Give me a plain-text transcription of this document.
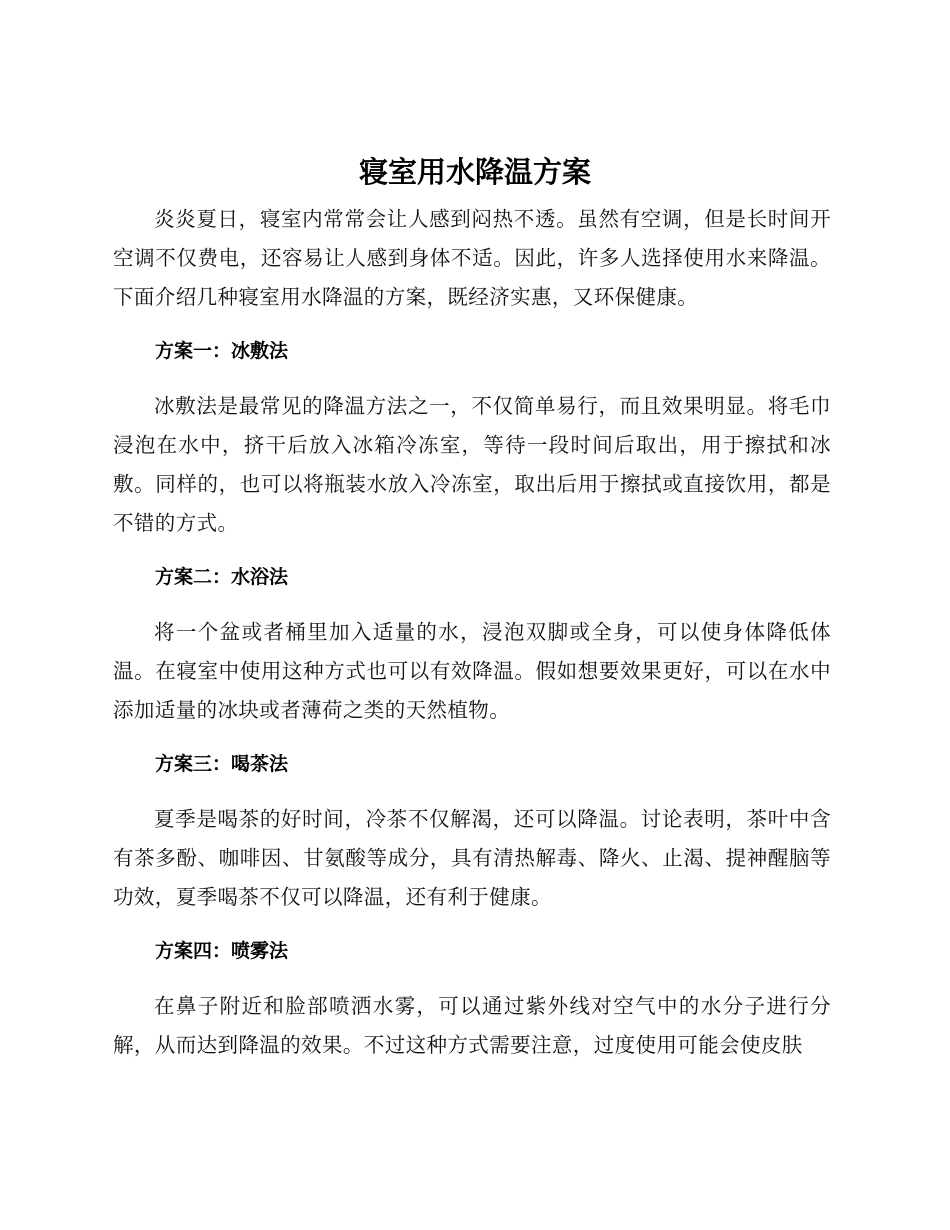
寝室用水降温方案

炎炎夏日，寝室内常常会让人感到闷热不透。虽然有空调，但是长时间开空调不仅费电，还容易让人感到身体不适。因此，许多人选择使用水来降温。下面介绍几种寝室用水降温的方案，既经济实惠，又环保健康。

方案一：冰敷法

冰敷法是最常见的降温方法之一，不仅简单易行，而且效果明显。将毛巾浸泡在水中，挤干后放入冰箱冷冻室，等待一段时间后取出，用于擦拭和冰敷。同样的，也可以将瓶装水放入冷冻室，取出后用于擦拭或直接饮用，都是不错的方式。

方案二：水浴法

将一个盆或者桶里加入适量的水，浸泡双脚或全身，可以使身体降低体温。在寝室中使用这种方式也可以有效降温。假如想要效果更好，可以在水中添加适量的冰块或者薄荷之类的天然植物。

方案三：喝茶法

夏季是喝茶的好时间，冷茶不仅解渴，还可以降温。讨论表明，茶叶中含有茶多酚、咖啡因、甘氨酸等成分，具有清热解毒、降火、止渴、提神醒脑等功效，夏季喝茶不仅可以降温，还有利于健康。

方案四：喷雾法

在鼻子附近和脸部喷洒水雾，可以通过紫外线对空气中的水分子进行分解，从而达到降温的效果。不过这种方式需要注意，过度使用可能会使皮肤
